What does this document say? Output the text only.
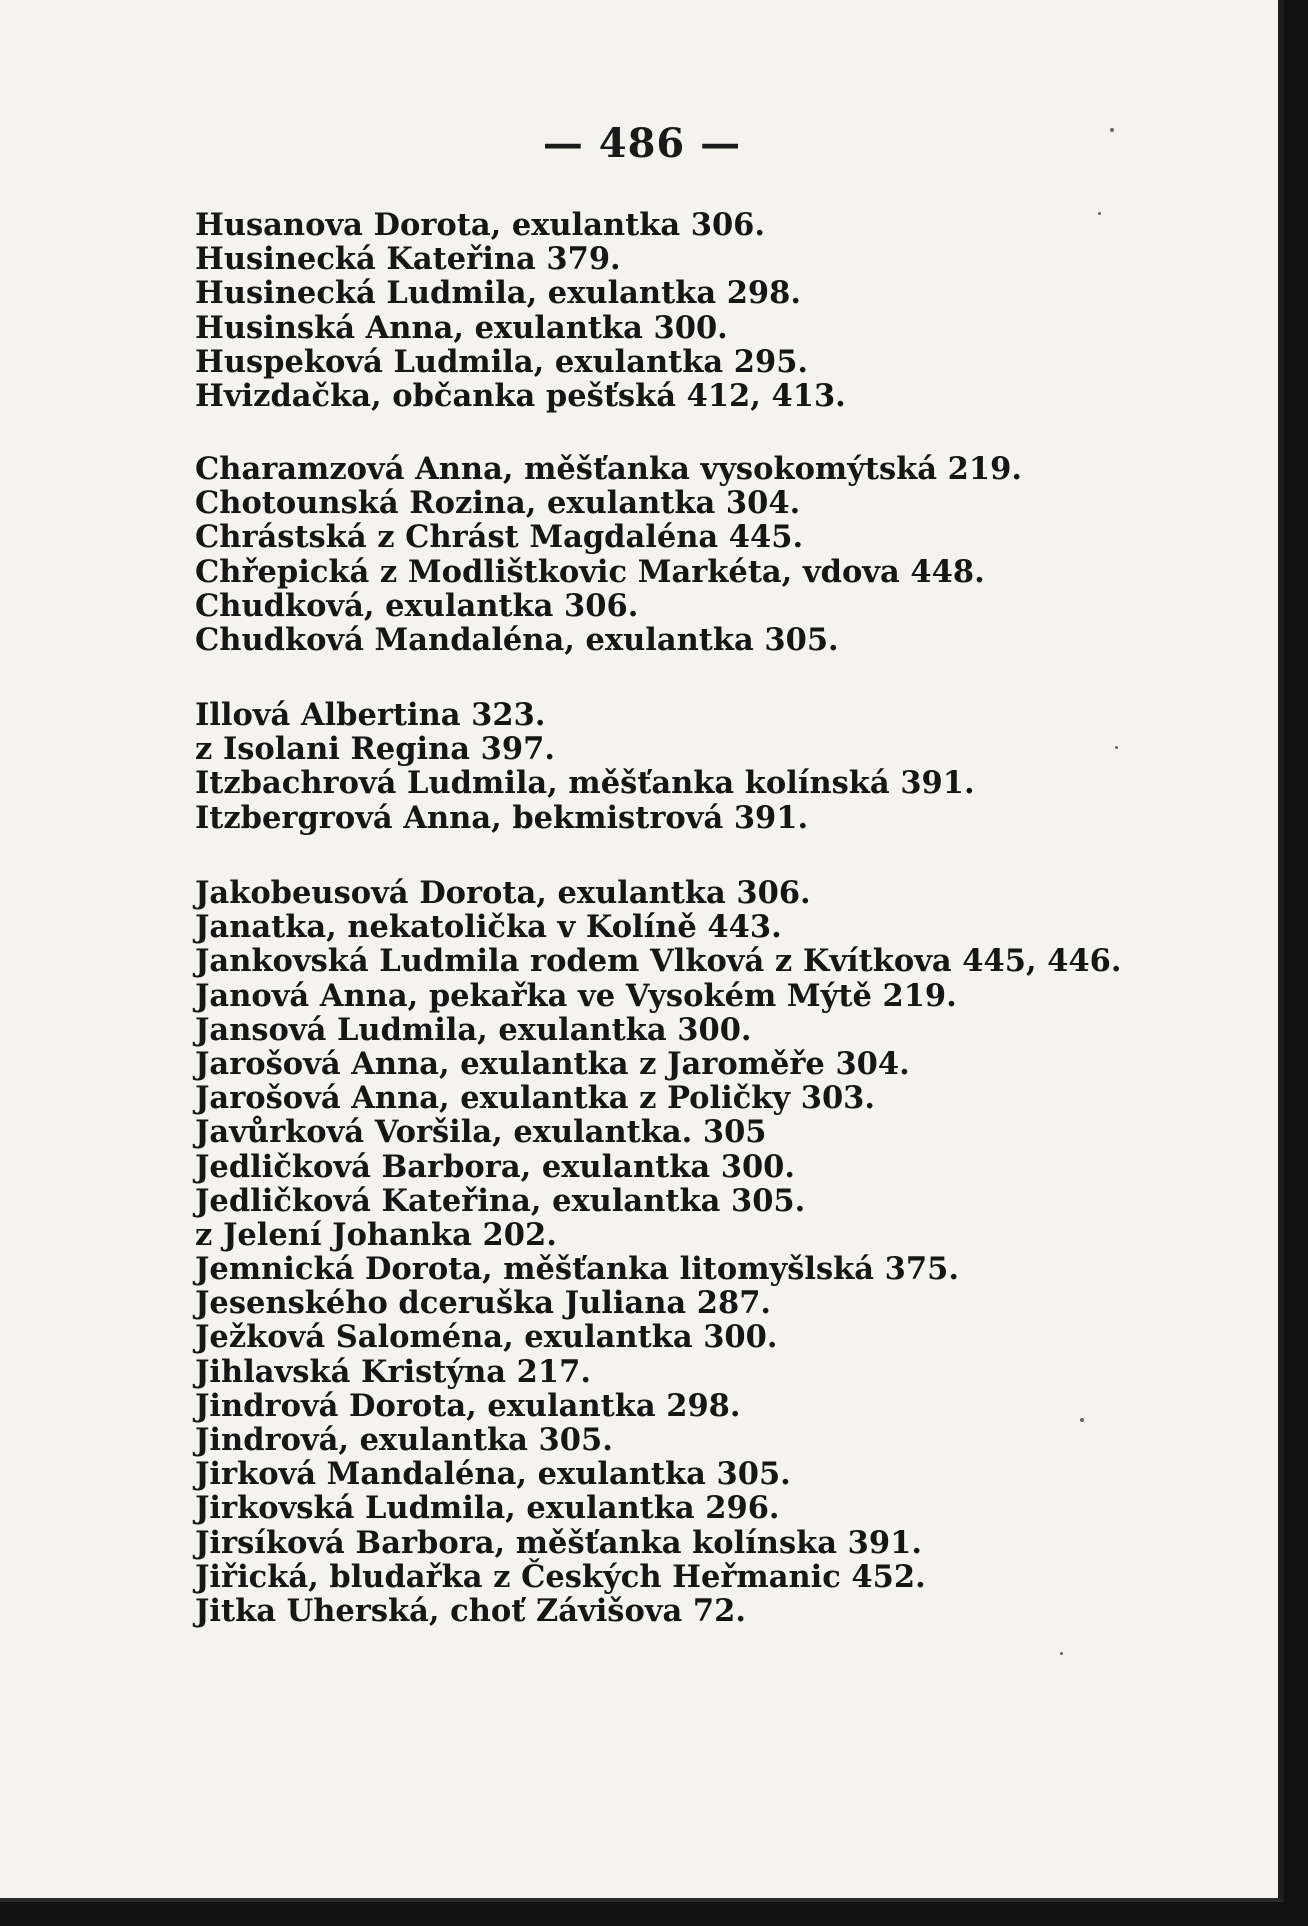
— 486 —
Husanova Dorota, exulantka 306.
Husinecká Kateřina 379.
Husinecká Ludmila, exulantka 298.
Husinská Anna, exulantka 300.
Huspeková Ludmila, exulantka 295.
Hvizdačka, občanka pešťská 412, 413.
Charamzová Anna, měšťanka vysokomýtská 219.
Chotounská Rozina, exulantka 304.
Chrástská z Chrást Magdaléna 445.
Chřepická z Modlištkovic Markéta, vdova 448.
Chudková, exulantka 306.
Chudková Mandaléna, exulantka 305.
Illová Albertina 323.
z Isolani Regina 397.
Itzbachrová Ludmila, měšťanka kolínská 391.
Itzbergrová Anna, bekmistrová 391.
Jakobeusová Dorota, exulantka 306.
Janatka, nekatolička v Kolíně 443.
Jankovská Ludmila rodem Vlková z Kvítkova 445, 446.
Janová Anna, pekařka ve Vysokém Mýtě 219.
Jansová Ludmila, exulantka 300.
Jarošová Anna, exulantka z Jaroměře 304.
Jarošová Anna, exulantka z Poličky 303.
Javůrková Voršila, exulantka. 305
Jedličková Barbora, exulantka 300.
Jedličková Kateřina, exulantka 305.
z Jelení Johanka 202.
Jemnická Dorota, měšťanka litomyšlská 375.
Jesenského dceruška Juliana 287.
Ježková Saloména, exulantka 300.
Jihlavská Kristýna 217.
Jindrová Dorota, exulantka 298.
Jindrová, exulantka 305.
Jirková Mandaléna, exulantka 305.
Jirkovská Ludmila, exulantka 296.
Jirsíková Barbora, měšťanka kolínska 391.
Jiřická, bludařka z Českých Heřmanic 452.
Jitka Uherská, choť Závišova 72.
